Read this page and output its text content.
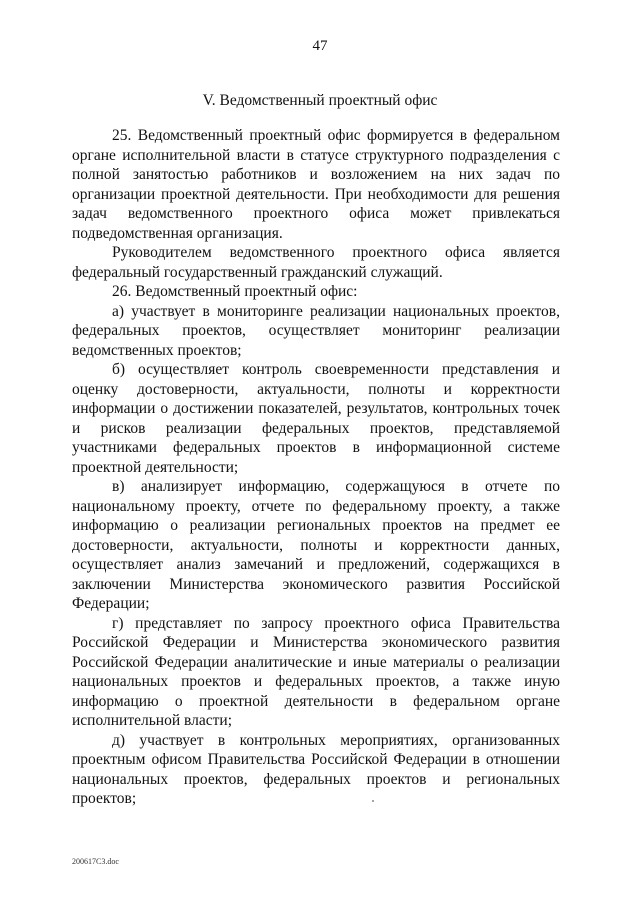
47
V. Ведомственный проектный офис

25. Ведомственный проектный офис формируется в федеральном органе исполнительной власти в статусе структурного подразделения с полной занятостью работников и возложением на них задач по организации проектной деятельности. При необходимости для решения задач ведомственного проектного офиса может привлекаться подведомственная организация.

Руководителем ведомственного проектного офиса является федеральный государственный гражданский служащий.

26. Ведомственный проектный офис:

а) участвует в мониторинге реализации национальных проектов, федеральных проектов, осуществляет мониторинг реализации ведомственных проектов;

б) осуществляет контроль своевременности представления и оценку достоверности, актуальности, полноты и корректности информации о достижении показателей, результатов, контрольных точек и рисков реализации федеральных проектов, представляемой участниками федеральных проектов в информационной системе проектной деятельности;

в) анализирует информацию, содержащуюся в отчете по национальному проекту, отчете по федеральному проекту, а также информацию о реализации региональных проектов на предмет ее достоверности, актуальности, полноты и корректности данных, осуществляет анализ замечаний и предложений, содержащихся в заключении Министерства экономического развития Российской Федерации;

г) представляет по запросу проектного офиса Правительства Российской Федерации и Министерства экономического развития Российской Федерации аналитические и иные материалы о реализации национальных проектов и федеральных проектов, а также иную информацию о проектной деятельности в федеральном органе исполнительной власти;

д) участвует в контрольных мероприятиях, организованных проектным офисом Правительства Российской Федерации в отношении национальных проектов, федеральных проектов и региональных проектов;

200617C3.doc
